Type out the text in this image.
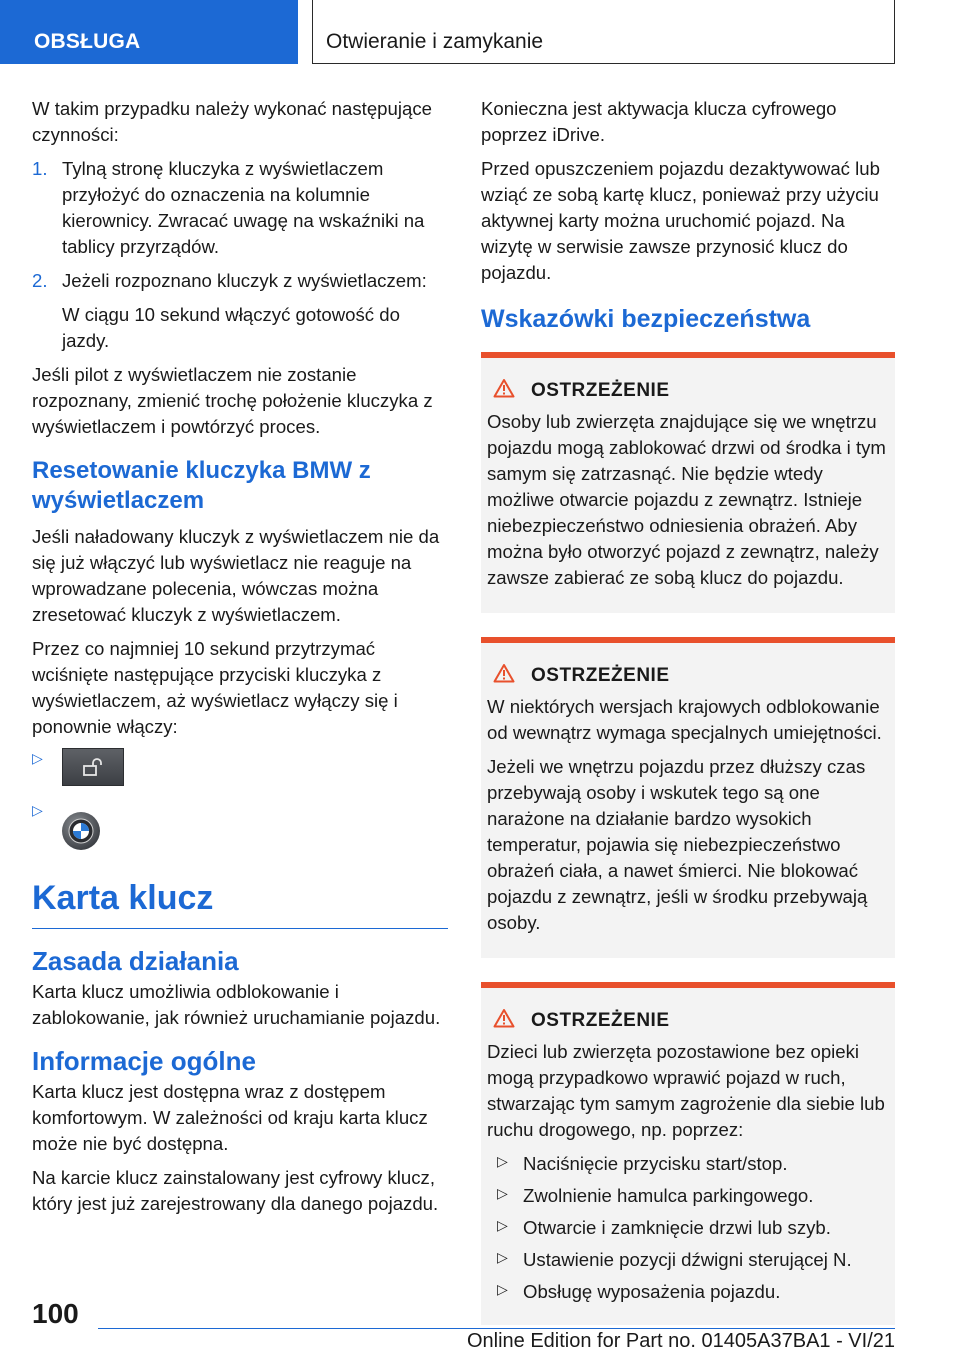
OBSŁUGA	Otwieranie i zamykanie

W takim przypadku należy wykonać następujące czynności:

1. Tylną stronę kluczyka z wyświetlaczem przyłożyć do oznaczenia na kolumnie kierownicy. Zwracać uwagę na wskaźniki na tablicy przyrządów.
2. Jeżeli rozpoznano kluczyk z wyświetlaczem:
W ciągu 10 sekund włączyć gotowość do jazdy.

Jeśli pilot z wyświetlaczem nie zostanie rozpoznany, zmienić trochę położenie kluczyka z wyświetlaczem i powtórzyć proces.

Resetowanie kluczyka BMW z wyświetlaczem

Jeśli naładowany kluczyk z wyświetlaczem nie da się już włączyć lub wyświetlacz nie reaguje na wprowadzane polecenia, wówczas można zresetować kluczyk z wyświetlaczem.

Przez co najmniej 10 sekund przytrzymać wciśnięte następujące przyciski kluczyka z wyświetlaczem, aż wyświetlacz wyłączy się i ponownie włączy:

▷
▷
Karta klucz
Zasada działania

Karta klucz umożliwia odblokowanie i zablokowanie, jak również uruchamianie pojazdu.

Informacje ogólne

Karta klucz jest dostępna wraz z dostępem komfortowym. W zależności od kraju karta klucz może nie być dostępna.

Na karcie klucz zainstalowany jest cyfrowy klucz, który jest już zarejestrowany dla danego pojazdu.

Konieczna jest aktywacja klucza cyfrowego poprzez iDrive.

Przed opuszczeniem pojazdu dezaktywować lub wziąć ze sobą kartę klucz, ponieważ przy użyciu aktywnej karty można uruchomić pojazd. Na wizytę w serwisie zawsze przynosić klucz do pojazdu.

Wskazówki bezpieczeństwa
OSTRZEŻENIE

Osoby lub zwierzęta znajdujące się we wnętrzu pojazdu mogą zablokować drzwi od środka i tym samym się zatrzasnąć. Nie będzie wtedy możliwe otwarcie pojazdu z zewnątrz. Istnieje niebezpieczeństwo odniesienia obrażeń. Aby można było otworzyć pojazd z zewnątrz, należy zawsze zabierać ze sobą klucz do pojazdu.

OSTRZEŻENIE

W niektórych wersjach krajowych odblokowanie od wewnątrz wymaga specjalnych umiejętności.

Jeżeli we wnętrzu pojazdu przez dłuższy czas przebywają osoby i wskutek tego są one narażone na działanie bardzo wysokich temperatur, pojawia się niebezpieczeństwo obrażeń ciała, a nawet śmierci. Nie blokować pojazdu z zewnątrz, jeśli w środku przebywają osoby.

OSTRZEŻENIE

Dzieci lub zwierzęta pozostawione bez opieki mogą przypadkowo wprawić pojazd w ruch, stwarzając tym samym zagrożenie dla siebie lub ruchu drogowego, np. poprzez:

▷ Naciśnięcie przycisku start/stop.
▷ Zwolnienie hamulca parkingowego.
▷ Otwarcie i zamknięcie drzwi lub szyb.
▷ Ustawienie pozycji dźwigni sterującej N.
▷ Obsługę wyposażenia pojazdu.
100
Online Edition for Part no. 01405A37BA1 - VI/21
